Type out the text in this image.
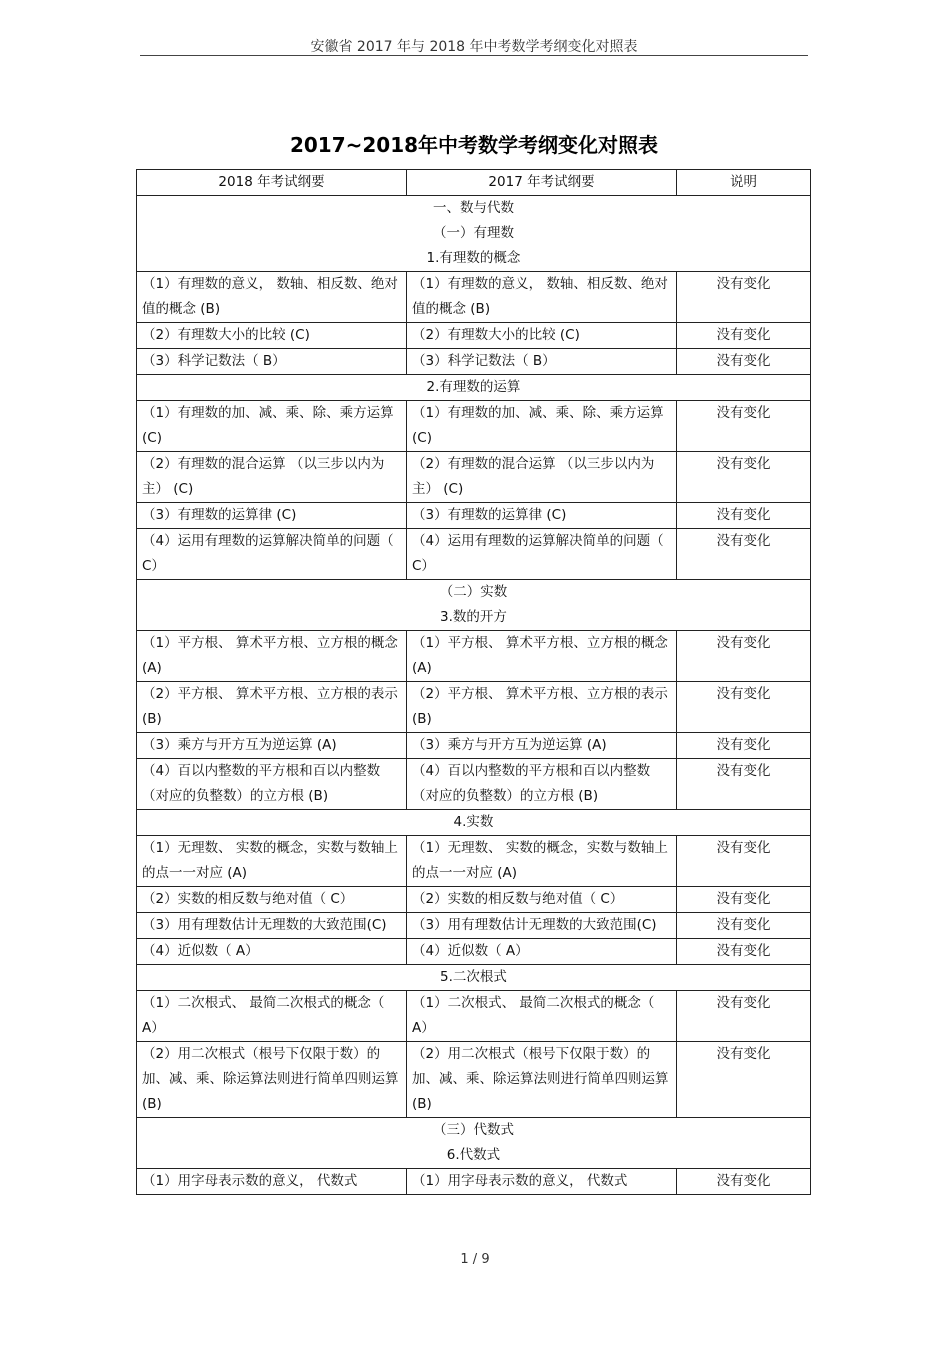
安徽省 2017 年与 2018 年中考数学考纲变化对照表
2017~2018年中考数学考纲变化对照表
2018 年考试纲要	2017 年考试纲要	说明

一、数与代数
（一）有理数
1.有理数的概念		

（1）有理数的意义， 数轴、相反数、绝对值的概念 (B)	（1）有理数的意义， 数轴、相反数、绝对值的概念 (B)	没有变化
（2）有理数大小的比较 (C)	（2）有理数大小的比较 (C)	没有变化
（3）科学记数法（ B）	（3）科学记数法（ B）	没有变化

2.有理数的运算		

（1）有理数的加、减、乘、除、乘方运算 (C)	（1）有理数的加、减、乘、除、乘方运算 (C)	没有变化
（2）有理数的混合运算 （以三步以内为主） (C)	（2）有理数的混合运算 （以三步以内为主） (C)	没有变化
（3）有理数的运算律 (C)	（3）有理数的运算律 (C)	没有变化
（4）运用有理数的运算解决简单的问题（ C）	（4）运用有理数的运算解决简单的问题（ C）	没有变化

（二）实数
3.数的开方		

（1）平方根、 算术平方根、立方根的概念 (A)	（1）平方根、 算术平方根、立方根的概念 (A)	没有变化
（2）平方根、 算术平方根、立方根的表示 (B)	（2）平方根、 算术平方根、立方根的表示 (B)	没有变化
（3）乘方与开方互为逆运算 (A)	（3）乘方与开方互为逆运算 (A)	没有变化
（4）百以内整数的平方根和百以内整数（对应的负整数）的立方根 (B)	（4）百以内整数的平方根和百以内整数（对应的负整数）的立方根 (B)	没有变化

4.实数		

（1）无理数、 实数的概念，实数与数轴上的点一一对应 (A)	（1）无理数、 实数的概念，实数与数轴上的点一一对应 (A)	没有变化
（2）实数的相反数与绝对值（ C）	（2）实数的相反数与绝对值（ C）	没有变化
（3）用有理数估计无理数的大致范围(C)	（3）用有理数估计无理数的大致范围(C)	没有变化
（4）近似数（ A）	（4）近似数（ A）	没有变化

5.二次根式		

（1）二次根式、 最简二次根式的概念（ A）	（1）二次根式、 最简二次根式的概念（ A）	没有变化
（2）用二次根式（根号下仅限于数）的加、减、乘、除运算法则进行简单四则运算 (B)	（2）用二次根式（根号下仅限于数）的加、减、乘、除运算法则进行简单四则运算 (B)	没有变化

（三）代数式
6.代数式		

（1）用字母表示数的意义， 代数式	（1）用字母表示数的意义， 代数式	没有变化
1 / 9
